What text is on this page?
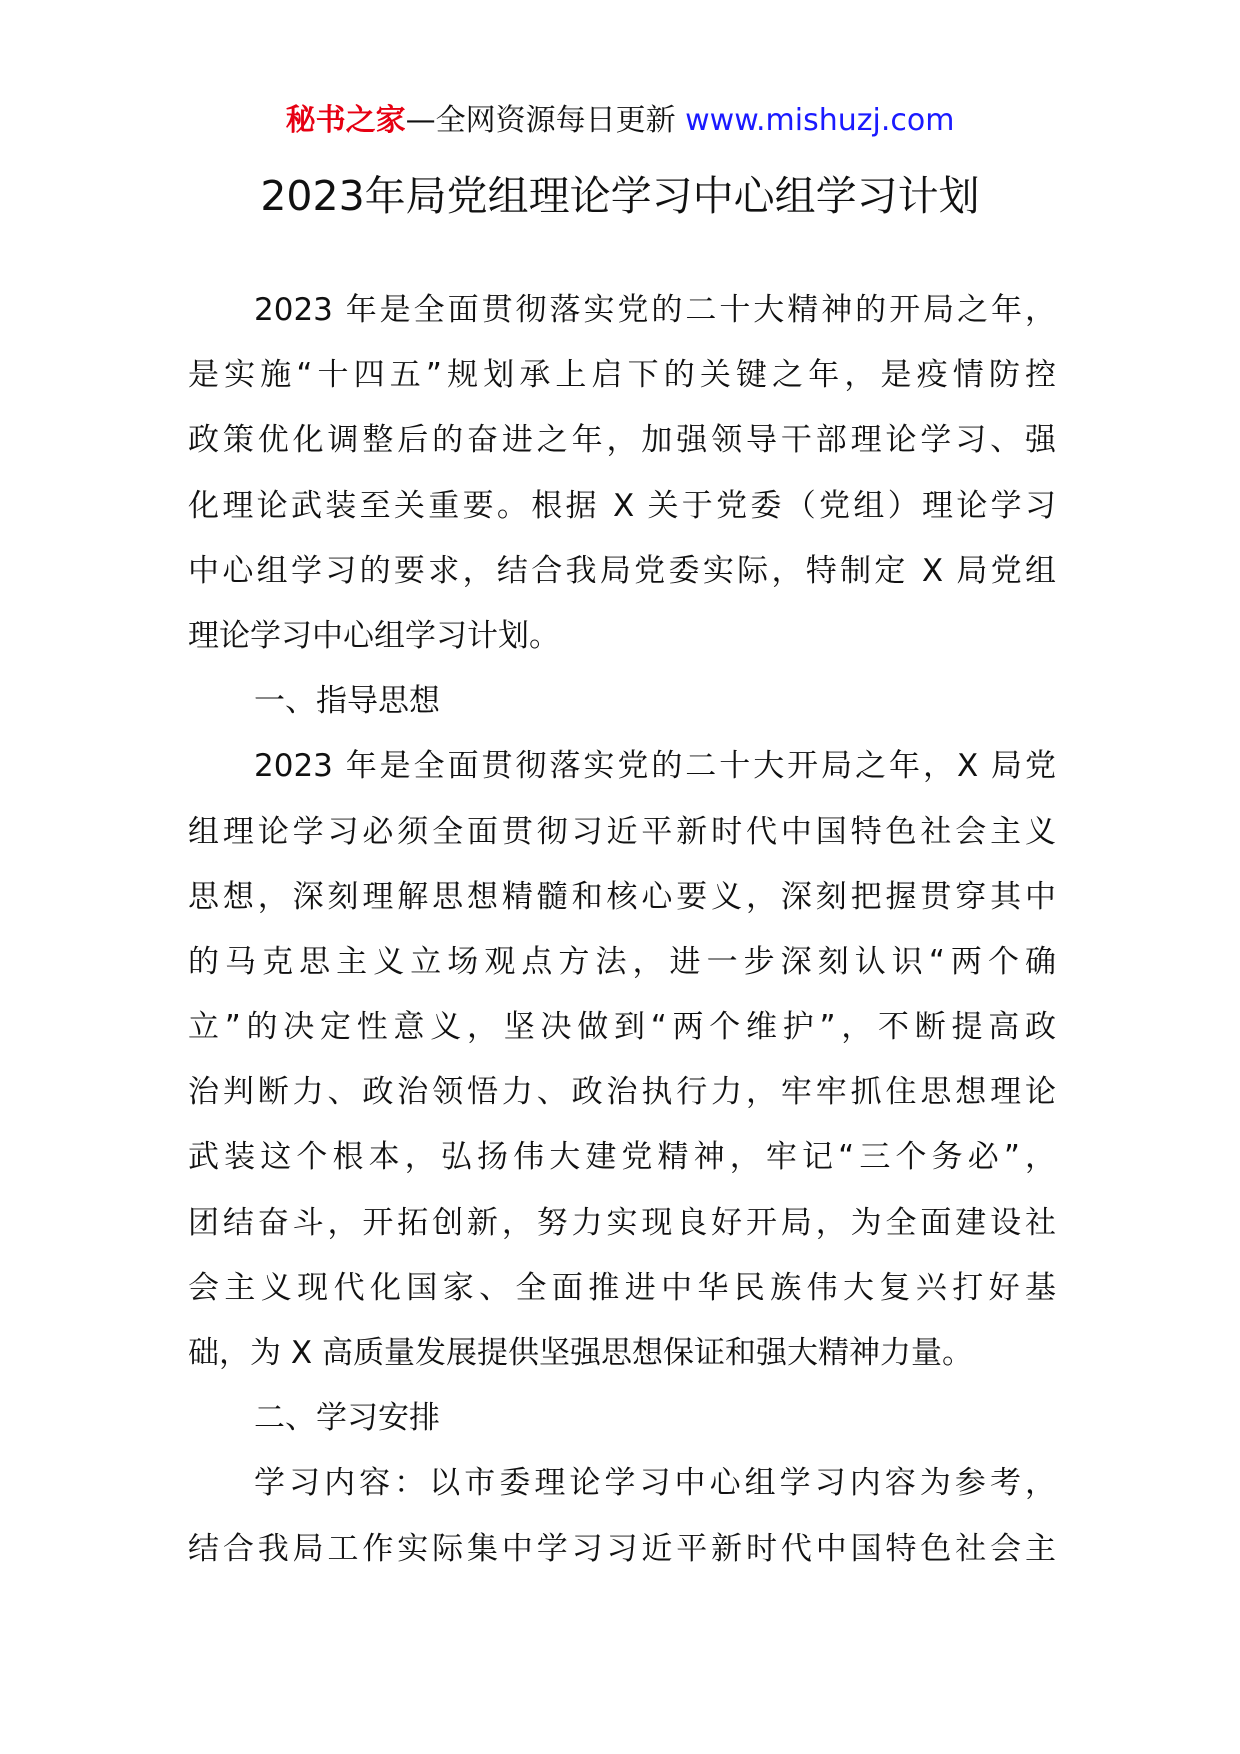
秘书之家—全网资源每日更新 www.mishuzj.com
2023年局党组理论学习中心组学习计划
2023 年是全面贯彻落实党的二十大精神的开局之年，
是实施“十四五”规划承上启下的关键之年，是疫情防控
政策优化调整后的奋进之年，加强领导干部理论学习、强
化理论武装至关重要。根据 X 关于党委（党组）理论学习
中心组学习的要求，结合我局党委实际，特制定 X 局党组
理论学习中心组学习计划。
一、指导思想
2023 年是全面贯彻落实党的二十大开局之年，X 局党
组理论学习必须全面贯彻习近平新时代中国特色社会主义
思想，深刻理解思想精髓和核心要义，深刻把握贯穿其中
的马克思主义立场观点方法，进一步深刻认识“两个确
立”的决定性意义，坚决做到“两个维护”，不断提高政
治判断力、政治领悟力、政治执行力，牢牢抓住思想理论
武装这个根本，弘扬伟大建党精神，牢记“三个务必”，
团结奋斗，开拓创新，努力实现良好开局，为全面建设社
会主义现代化国家、全面推进中华民族伟大复兴打好基
础，为 X 高质量发展提供坚强思想保证和强大精神力量。
二、学习安排
学习内容：以市委理论学习中心组学习内容为参考，
结合我局工作实际集中学习习近平新时代中国特色社会主
